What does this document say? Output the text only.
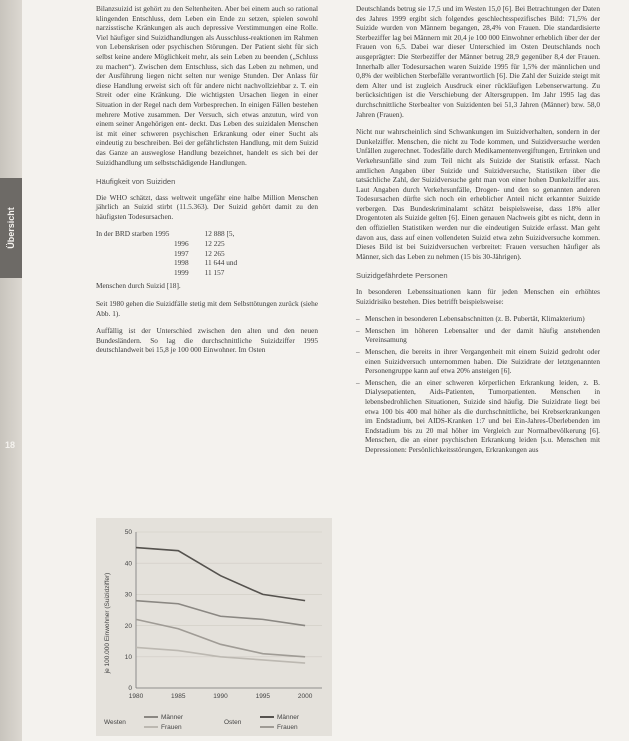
Übersicht
18

Bilanzsuizid ist gehört zu den Seltenheiten. Aber bei einem auch so rational klingenden Entschluss, dem Leben ein Ende zu setzen, spielen sowohl narzisstische Kränkungen als auch depressive Verstimmungen eine Rolle. Viel häufiger sind Suizidhandlungen als Ausschluss-reaktionen im Rahmen von Lebenskrisen oder psychischen Störungen. Der Patient sieht für sich selbst keine andere Möglichkeit mehr, als sein Leben zu beenden („Schluss zu machen“). Zwischen dem Entschluss, sich das Leben zu nehmen, und der Ausführung liegen nicht selten nur wenige Stunden. Der Anlass für diese Handlung erweist sich oft für andere nicht nachvollziehbar z. T. ein Streit oder eine Kränkung. Die wichtigsten Ursachen liegen in einer Situation in der Regel nach dem Vorbesprechen. In einigen Fällen bestehen mehrere Motive zusammen. Der Versuch, sich etwas anzutun, wird von einem seiner Angehörigen ent- deckt. Das Leben des suizidalen Menschen ist mit einer schweren psychischen Erkrankung oder einer Sucht als eindeutig zu beschreiben. Bei der gefährlichsten Handlung, mit dem Suizid das Ganze an ausweglose Handlung bezeichnet, handelt es sich bei der Suizidhandlung um selbstschädigende Handlungen.

Häufigkeit von Suiziden

Die WHO schätzt, dass weltweit ungefähr eine halbe Million Menschen jährlich an Suizid stirbt (11.5.363). Der Suizid gehört damit zu den häufigsten Todesursachen.

In der BRD starben 1995	12 888 [5,
1996	12 225
1997	12 265
1998	11 644 und
1999	11 157

Menschen durch Suizid [18].

Seit 1980 gehen die Suizidfälle stetig mit dem Selbsttötungen zurück (siehe Abb. 1).

Auffällig ist der Unterschied zwischen den alten und den neuen Bundesländern. So lag die durchschnittliche Suizidziffer 1995 deutschlandweit bei 15,8 je 100 000 Einwohner. Im Osten

je 100.000 Einwohner (Suizidziffer)
0
10
20
30
40
50
1980	1985	1990	1995	2000
Westen
Männer
Frauen
Osten
Männer
Frauen

Deutschlands betrug sie 17,5 und im Westen 15,0 [6]. Bei Betrachtungen der Daten des Jahres 1999 ergibt sich folgendes geschlechtsspezifisches Bild: 71,5% der Suizide wurden von Männern begangen, 28,4% von Frauen. Die standardisierte Sterbeziffer lag bei Männern mit 20,4 je 100 000 Einwohner erheblich über der der Frauen von 6,5. Dabei war dieser Unterschied im Osten Deutschlands noch ausgeprägter: Die Sterbeziffer der Männer betrug 28,9 gegenüber 8,4 der Frauen. Innerhalb aller Todesursachen waren Suizide 1995 für 1,5% der männlichen und 0,8% der weiblichen Sterbefälle verantwortlich [6]. Die Zahl der Suizide steigt mit dem Alter und ist zugleich Ausdruck einer rückläufigen Lebenserwartung. Zu berücksichtigen ist die Verschiebung der Altersgruppen. Im Jahr 1995 lag das durchschnittliche Sterbealter von Suizidenten bei 51,3 Jahren (Männer) bzw. 58,0 Jahren (Frauen).

Nicht nur wahrscheinlich sind Schwankungen im Suizidverhalten, sondern in der Dunkelziffer. Menschen, die nicht zu Tode kommen, und Suizidversuche werden Unfällen zugerechnet. Todesfälle durch Medikamentenvergiftungen, Ertrinken und Verkehrsunfälle sind zum Teil nicht als Suizide der Statistik erfasst. Nach amtlichen Angaben über Suizide und Suizidversuche, Statistiken über die tatsächliche Zahl, der Suizidversuche geht man von einer hohen Dunkelziffer aus. Laut Angaben durch Verkehrsunfälle, Drogen- und den so genannten anderen Todesursachen dürfte sich noch ein erheblicher Anteil nicht erkannter Suizide verbergen. Das Bundeskriminalamt schätzt beispielsweise, dass 18% aller Drogentoten als Suizide gelten [6]. Einen genauen Nachweis gibt es nicht, denn in den offiziellen Statistiken werden nur die eindeutigen Suizide erfasst. Man geht davon aus, dass auf einen vollendeten Suizid etwa zehn Suizidversuche kommen. Dieses Bild ist bei Suizidversuchen verbreitet: Frauen versuchen häufiger als Männer, sich das Leben zu nehmen (15 bis 30-Jährigen).

Suizidgefährdete Personen

In besonderen Lebenssituationen kann für jeden Menschen ein erhöhtes Suizidrisiko bestehen. Dies betrifft beispielsweise:

– Menschen in besonderen Lebensabschnitten (z. B. Pubertät, Klimakterium)
– Menschen im höheren Lebensalter und der damit häufig anstehenden Vereinsamung
– Menschen, die bereits in ihrer Vergangenheit mit einem Suizid gedroht oder einen Suizidversuch unternommen haben. Die Suizidrate der letztgenannten Personengruppe kann auf etwa 20% ansteigen [6].
– Menschen, die an einer schweren körperlichen Erkrankung leiden, z. B. Dialysepatienten, Aids-Patienten, Tumorpatienten. Menschen in lebensbedrohlichen Situationen, Suizide sind häufig. Die Suizidrate liegt bei etwa 100 bis 400 mal höher als die durchschnittliche, bei Krebserkrankungen im Endstadium, bei AIDS-Kranken 1:7 und bei Ein-Jahres-Überlebenden im Endstadium bis zu 20 mal höher im Vergleich zur Normalbevölkerung [6]. Menschen, die an einer psychischen Erkrankung leiden [s.u. Menschen mit Depressionen: Persönlichkeitsstörungen, Erkrankungen aus
